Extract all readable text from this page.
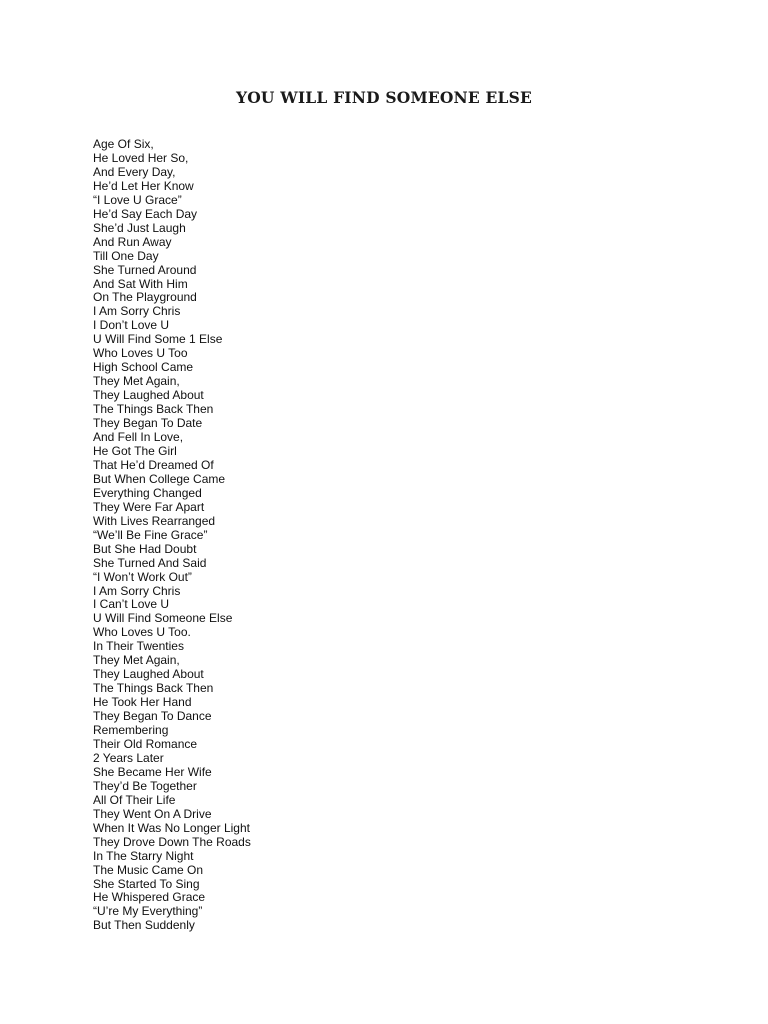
YOU WILL FIND SOMEONE ELSE
Age Of Six,
He Loved Her So,
And Every Day,
He’d Let Her Know
“I Love U Grace”
He’d Say Each Day
She’d Just Laugh
And Run Away
Till One Day
She Turned Around
And Sat With Him
On The Playground
I Am Sorry Chris
I Don’t Love U
U Will Find Some 1 Else
Who Loves U Too
High School Came
They Met Again,
They Laughed About
The Things Back Then
They Began To Date
And Fell In Love,
He Got The Girl
That He’d Dreamed Of
But When College Came
Everything Changed
They Were Far Apart
With Lives Rearranged
“We’ll Be Fine Grace”
But She Had Doubt
She Turned And Said
“I Won’t Work Out”
I Am Sorry Chris
I Can’t Love U
U Will Find Someone Else
Who Loves U Too.
In Their Twenties
They Met Again,
They Laughed About
The Things Back Then
He Took Her Hand
They Began To Dance
Remembering
Their Old Romance
2 Years Later
She Became Her Wife
They’d Be Together
All Of Their Life
They Went On A Drive
When It Was No Longer Light
They Drove Down The Roads
In The Starry Night
The Music Came On
She Started To Sing
He Whispered Grace
“U’re My Everything”
But Then Suddenly
